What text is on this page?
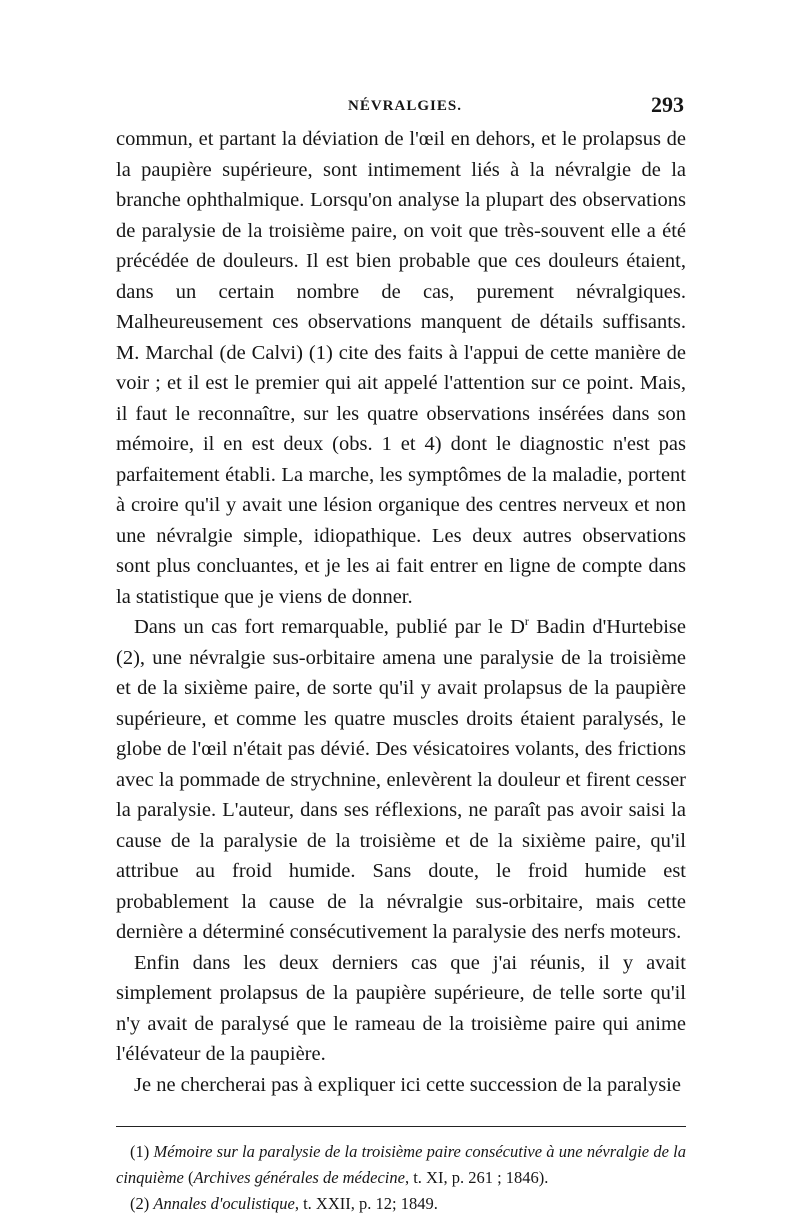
NÉVRALGIES.	293

commun, et partant la déviation de l'œil en dehors, et le prolapsus de la paupière supérieure, sont intimement liés à la névralgie de la branche ophthalmique. Lorsqu'on analyse la plupart des observations de paralysie de la troisième paire, on voit que très-souvent elle a été précédée de douleurs. Il est bien probable que ces douleurs étaient, dans un certain nombre de cas, purement névralgiques. Malheureusement ces observations manquent de détails suffisants. M. Marchal (de Calvi) (1) cite des faits à l'appui de cette manière de voir ; et il est le premier qui ait appelé l'attention sur ce point. Mais, il faut le reconnaître, sur les quatre observations insérées dans son mémoire, il en est deux (obs. 1 et 4) dont le diagnostic n'est pas parfaitement établi. La marche, les symptômes de la maladie, portent à croire qu'il y avait une lésion organique des centres nerveux et non une névralgie simple, idiopathique. Les deux autres observations sont plus concluantes, et je les ai fait entrer en ligne de compte dans la statistique que je viens de donner.

Dans un cas fort remarquable, publié par le $D^r$ Badin d'Hurtebise (2), une névralgie sus-orbitaire amena une paralysie de la troisième et de la sixième paire, de sorte qu'il y avait prolapsus de la paupière supérieure, et comme les quatre muscles droits étaient paralysés, le globe de l'œil n'était pas dévié. Des vésicatoires volants, des frictions avec la pommade de strychnine, enlevèrent la douleur et firent cesser la paralysie. L'auteur, dans ses réflexions, ne paraît pas avoir saisi la cause de la paralysie de la troisième et de la sixième paire, qu'il attribue au froid humide. Sans doute, le froid humide est probablement la cause de la névralgie sus-orbitaire, mais cette dernière a déterminé consécutivement la paralysie des nerfs moteurs.

Enfin dans les deux derniers cas que j'ai réunis, il y avait simplement prolapsus de la paupière supérieure, de telle sorte qu'il n'y avait de paralysé que le rameau de la troisième paire qui anime l'élévateur de la paupière.

Je ne chercherai pas à expliquer ici cette succession de la paralysie

(1) Mémoire sur la paralysie de la troisième paire consécutive à une névralgie de la cinquième (Archives générales de médecine, t. XI, p. 261 ; 1846).

(2) Annales d'oculistique, t. XXII, p. 12; 1849.
